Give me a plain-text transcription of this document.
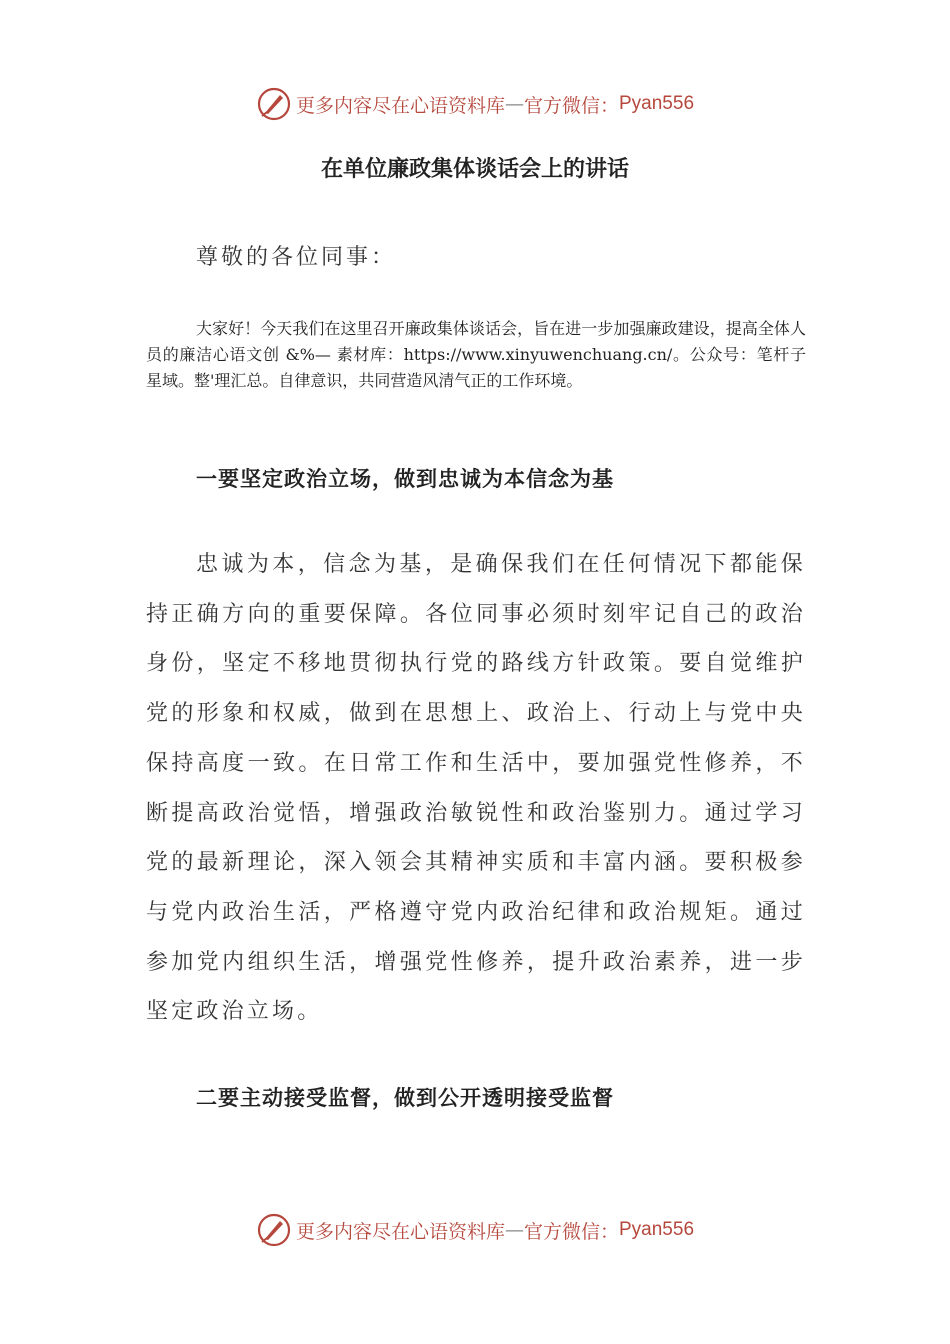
更多内容尽在心语资料库 — 官方微信： Pyan556
在单位廉政集体谈话会上的讲话
尊敬的各位同事：
大家好！今天我们在这里召开廉政集体谈话会，旨在进一步加强廉政建设，提高全体人员的廉洁心语文创 &%— 素材库：https://www.xinyuwenchuang.cn/。公众号：笔杆子星域。整'理汇总。自律意识，共同营造风清气正的工作环境。
一要坚定政治立场，做到忠诚为本信念为基
忠诚为本，信念为基，是确保我们在任何情况下都能保持正确方向的重要保障。各位同事必须时刻牢记自己的政治身份，坚定不移地贯彻执行党的路线方针政策。要自觉维护党的形象和权威，做到在思想上、政治上、行动上与党中央保持高度一致。在日常工作和生活中，要加强党性修养，不断提高政治觉悟，增强政治敏锐性和政治鉴别力。通过学习党的最新理论，深入领会其精神实质和丰富内涵。要积极参与党内政治生活，严格遵守党内政治纪律和政治规矩。通过参加党内组织生活，增强党性修养，提升政治素养，进一步坚定政治立场。
二要主动接受监督，做到公开透明接受监督
更多内容尽在心语资料库 — 官方微信： Pyan556
